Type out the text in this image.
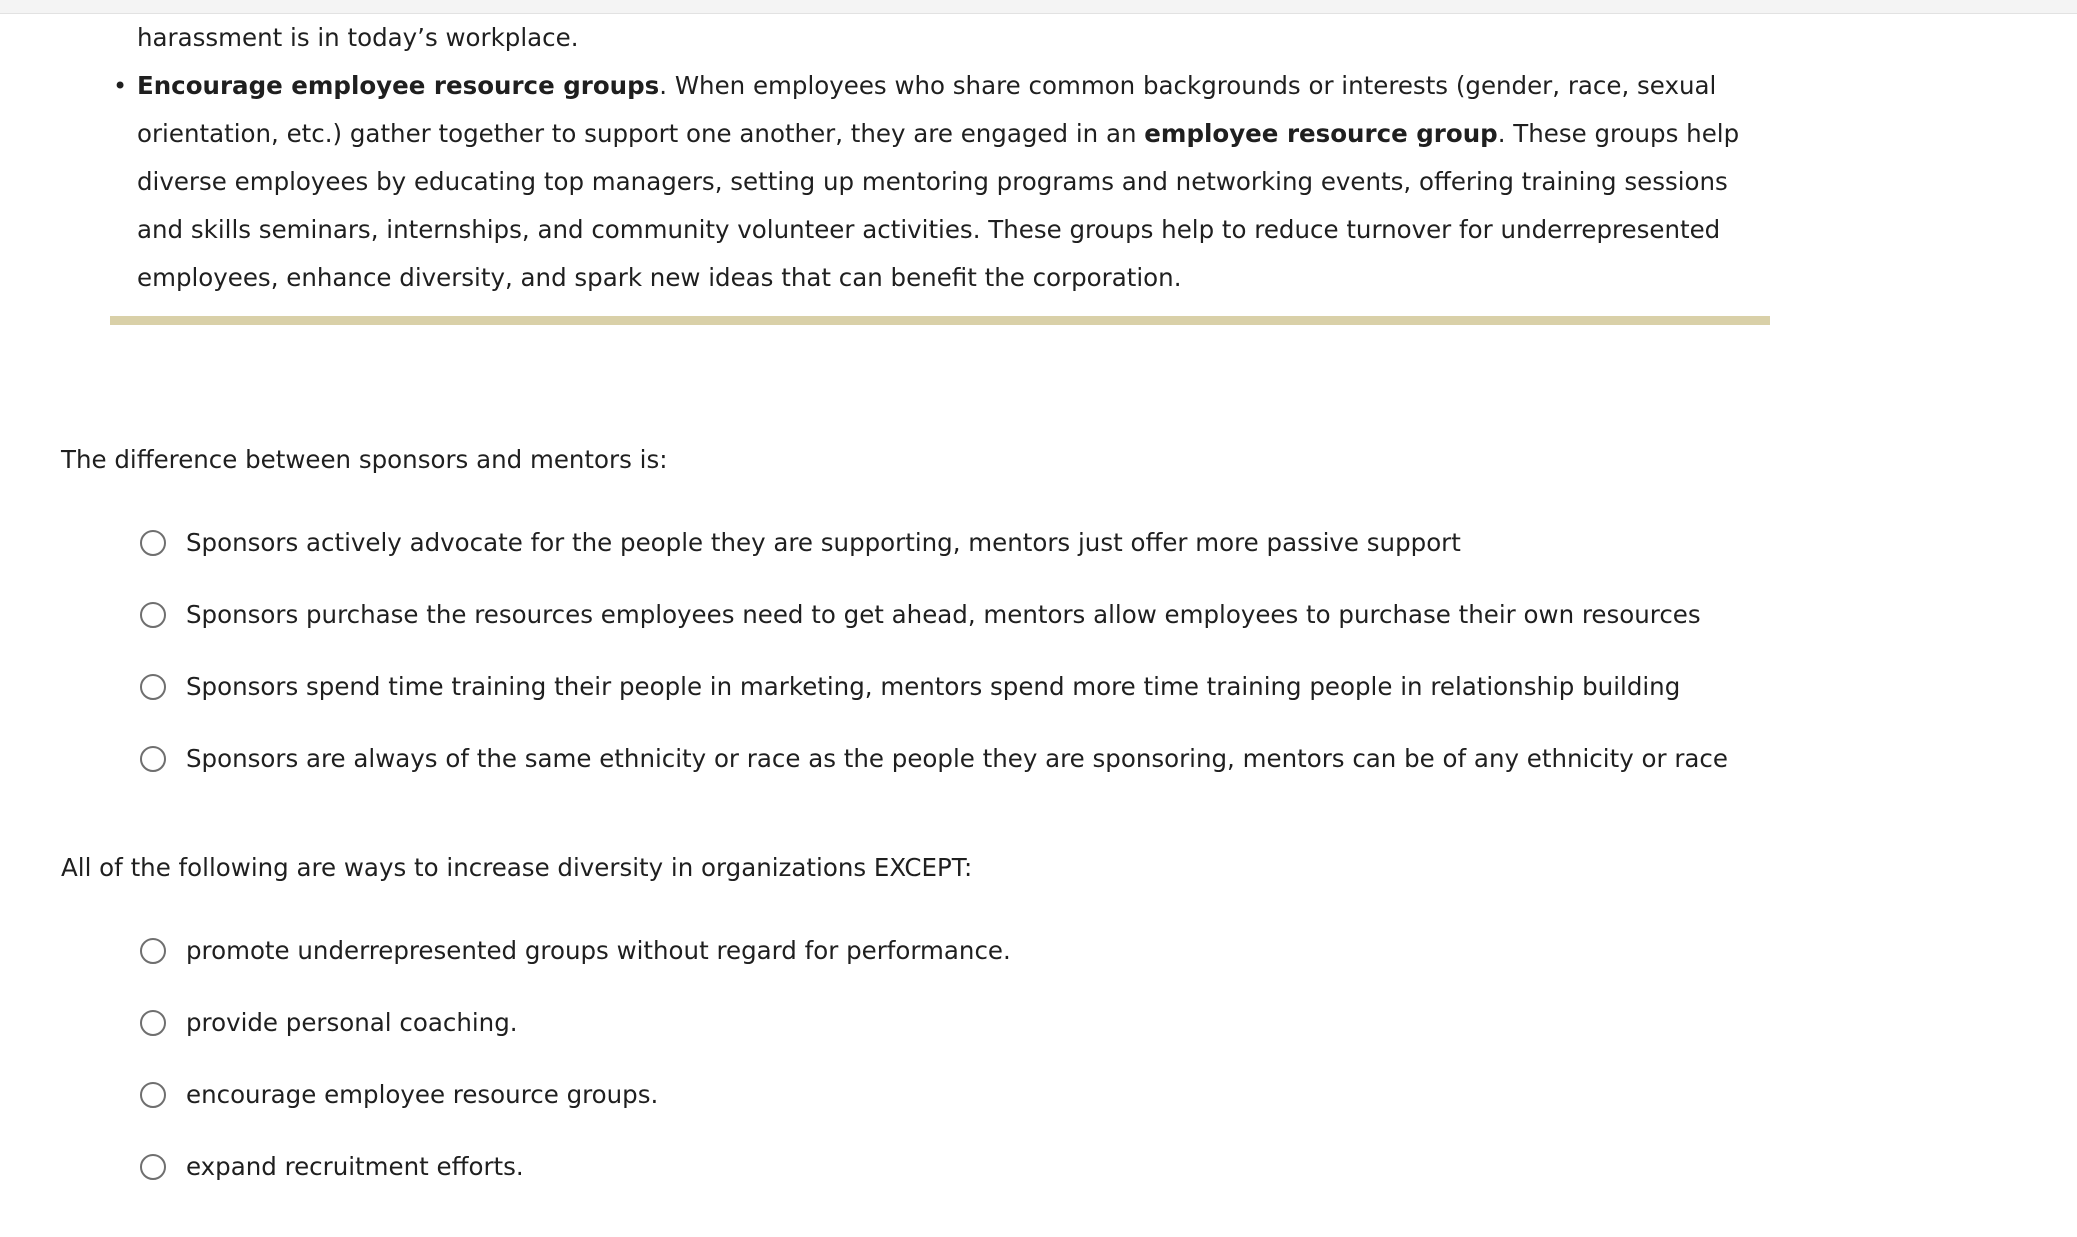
harassment is in today’s workplace.
• Encourage employee resource groups. When employees who share common backgrounds or interests (gender, race, sexual orientation, etc.) gather together to support one another, they are engaged in an employee resource group. These groups help diverse employees by educating top managers, setting up mentoring programs and networking events, offering training sessions and skills seminars, internships, and community volunteer activities. These groups help to reduce turnover for underrepresented employees, enhance diversity, and spark new ideas that can benefit the corporation.
The difference between sponsors and mentors is:
Sponsors actively advocate for the people they are supporting, mentors just offer more passive support
Sponsors purchase the resources employees need to get ahead, mentors allow employees to purchase their own resources
Sponsors spend time training their people in marketing, mentors spend more time training people in relationship building
Sponsors are always of the same ethnicity or race as the people they are sponsoring, mentors can be of any ethnicity or race
All of the following are ways to increase diversity in organizations EXCEPT:
promote underrepresented groups without regard for performance.
provide personal coaching.
encourage employee resource groups.
expand recruitment efforts.
